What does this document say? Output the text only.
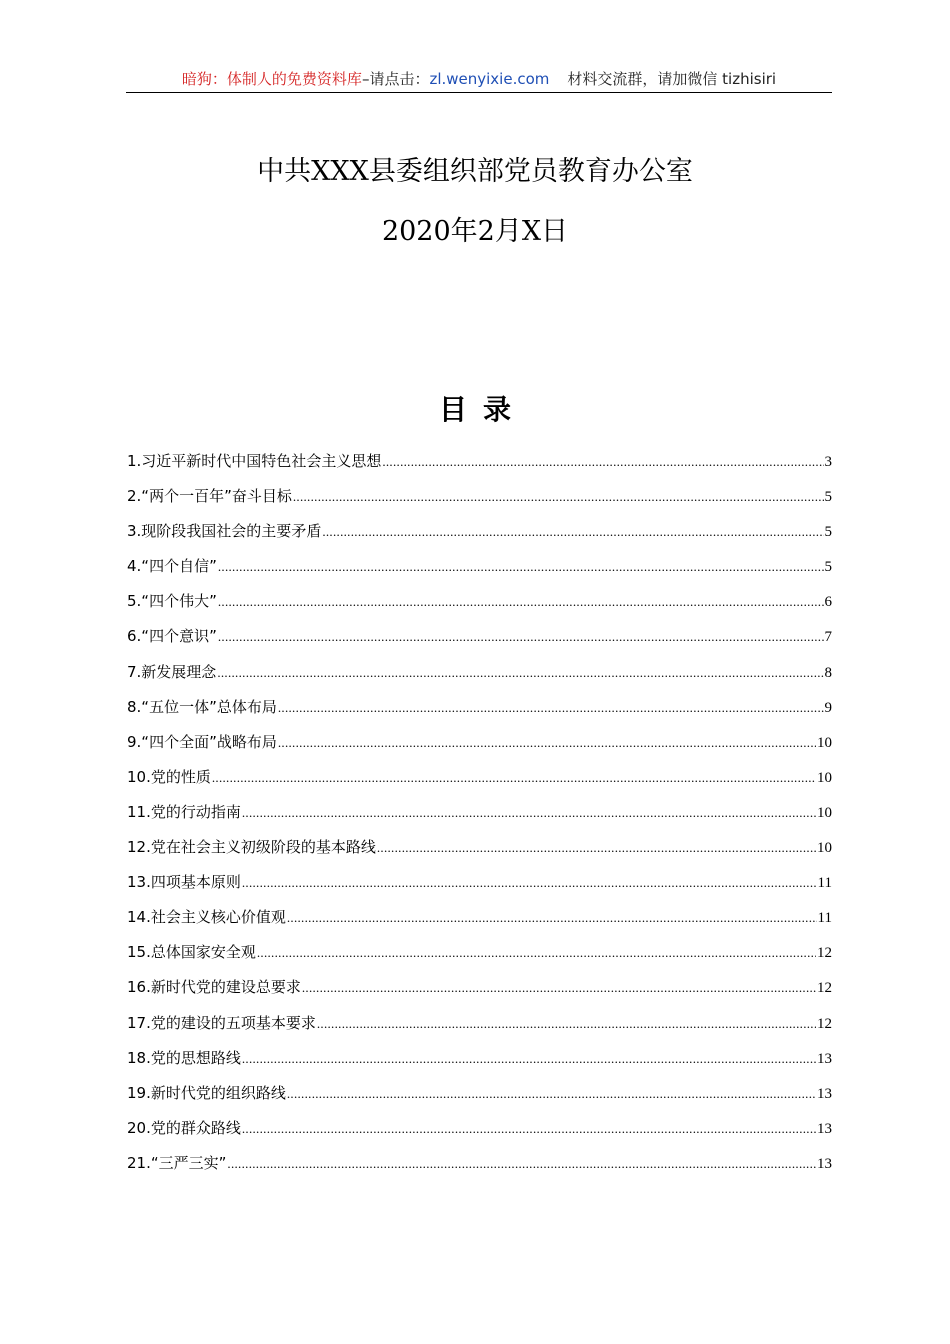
暗狗：体制人的免费资料库–请点击：zl.wenyixie.com 材料交流群，请加微信 tizhisiri
中共XXX县委组织部党员教育办公室
2020年2月X日
目录
1.习近平新时代中国特色社会主义思想 .....	3
2.“两个一百年”奋斗目标 .....	5
3.现阶段我国社会的主要矛盾 .....	5
4.“四个自信” .....	5
5.“四个伟大” .....	6
6.“四个意识” .....	7
7.新发展理念 .....	8
8.“五位一体”总体布局 .....	9
9.“四个全面”战略布局 .....	10
10.党的性质 .....	10
11.党的行动指南 .....	10
12.党在社会主义初级阶段的基本路线 .....	10
13.四项基本原则 .....	11
14.社会主义核心价值观 .....	11
15.总体国家安全观 .....	12
16.新时代党的建设总要求 .....	12
17.党的建设的五项基本要求 .....	12
18.党的思想路线 .....	13
19.新时代党的组织路线 .....	13
20.党的群众路线 .....	13
21.“三严三实” .....	13
